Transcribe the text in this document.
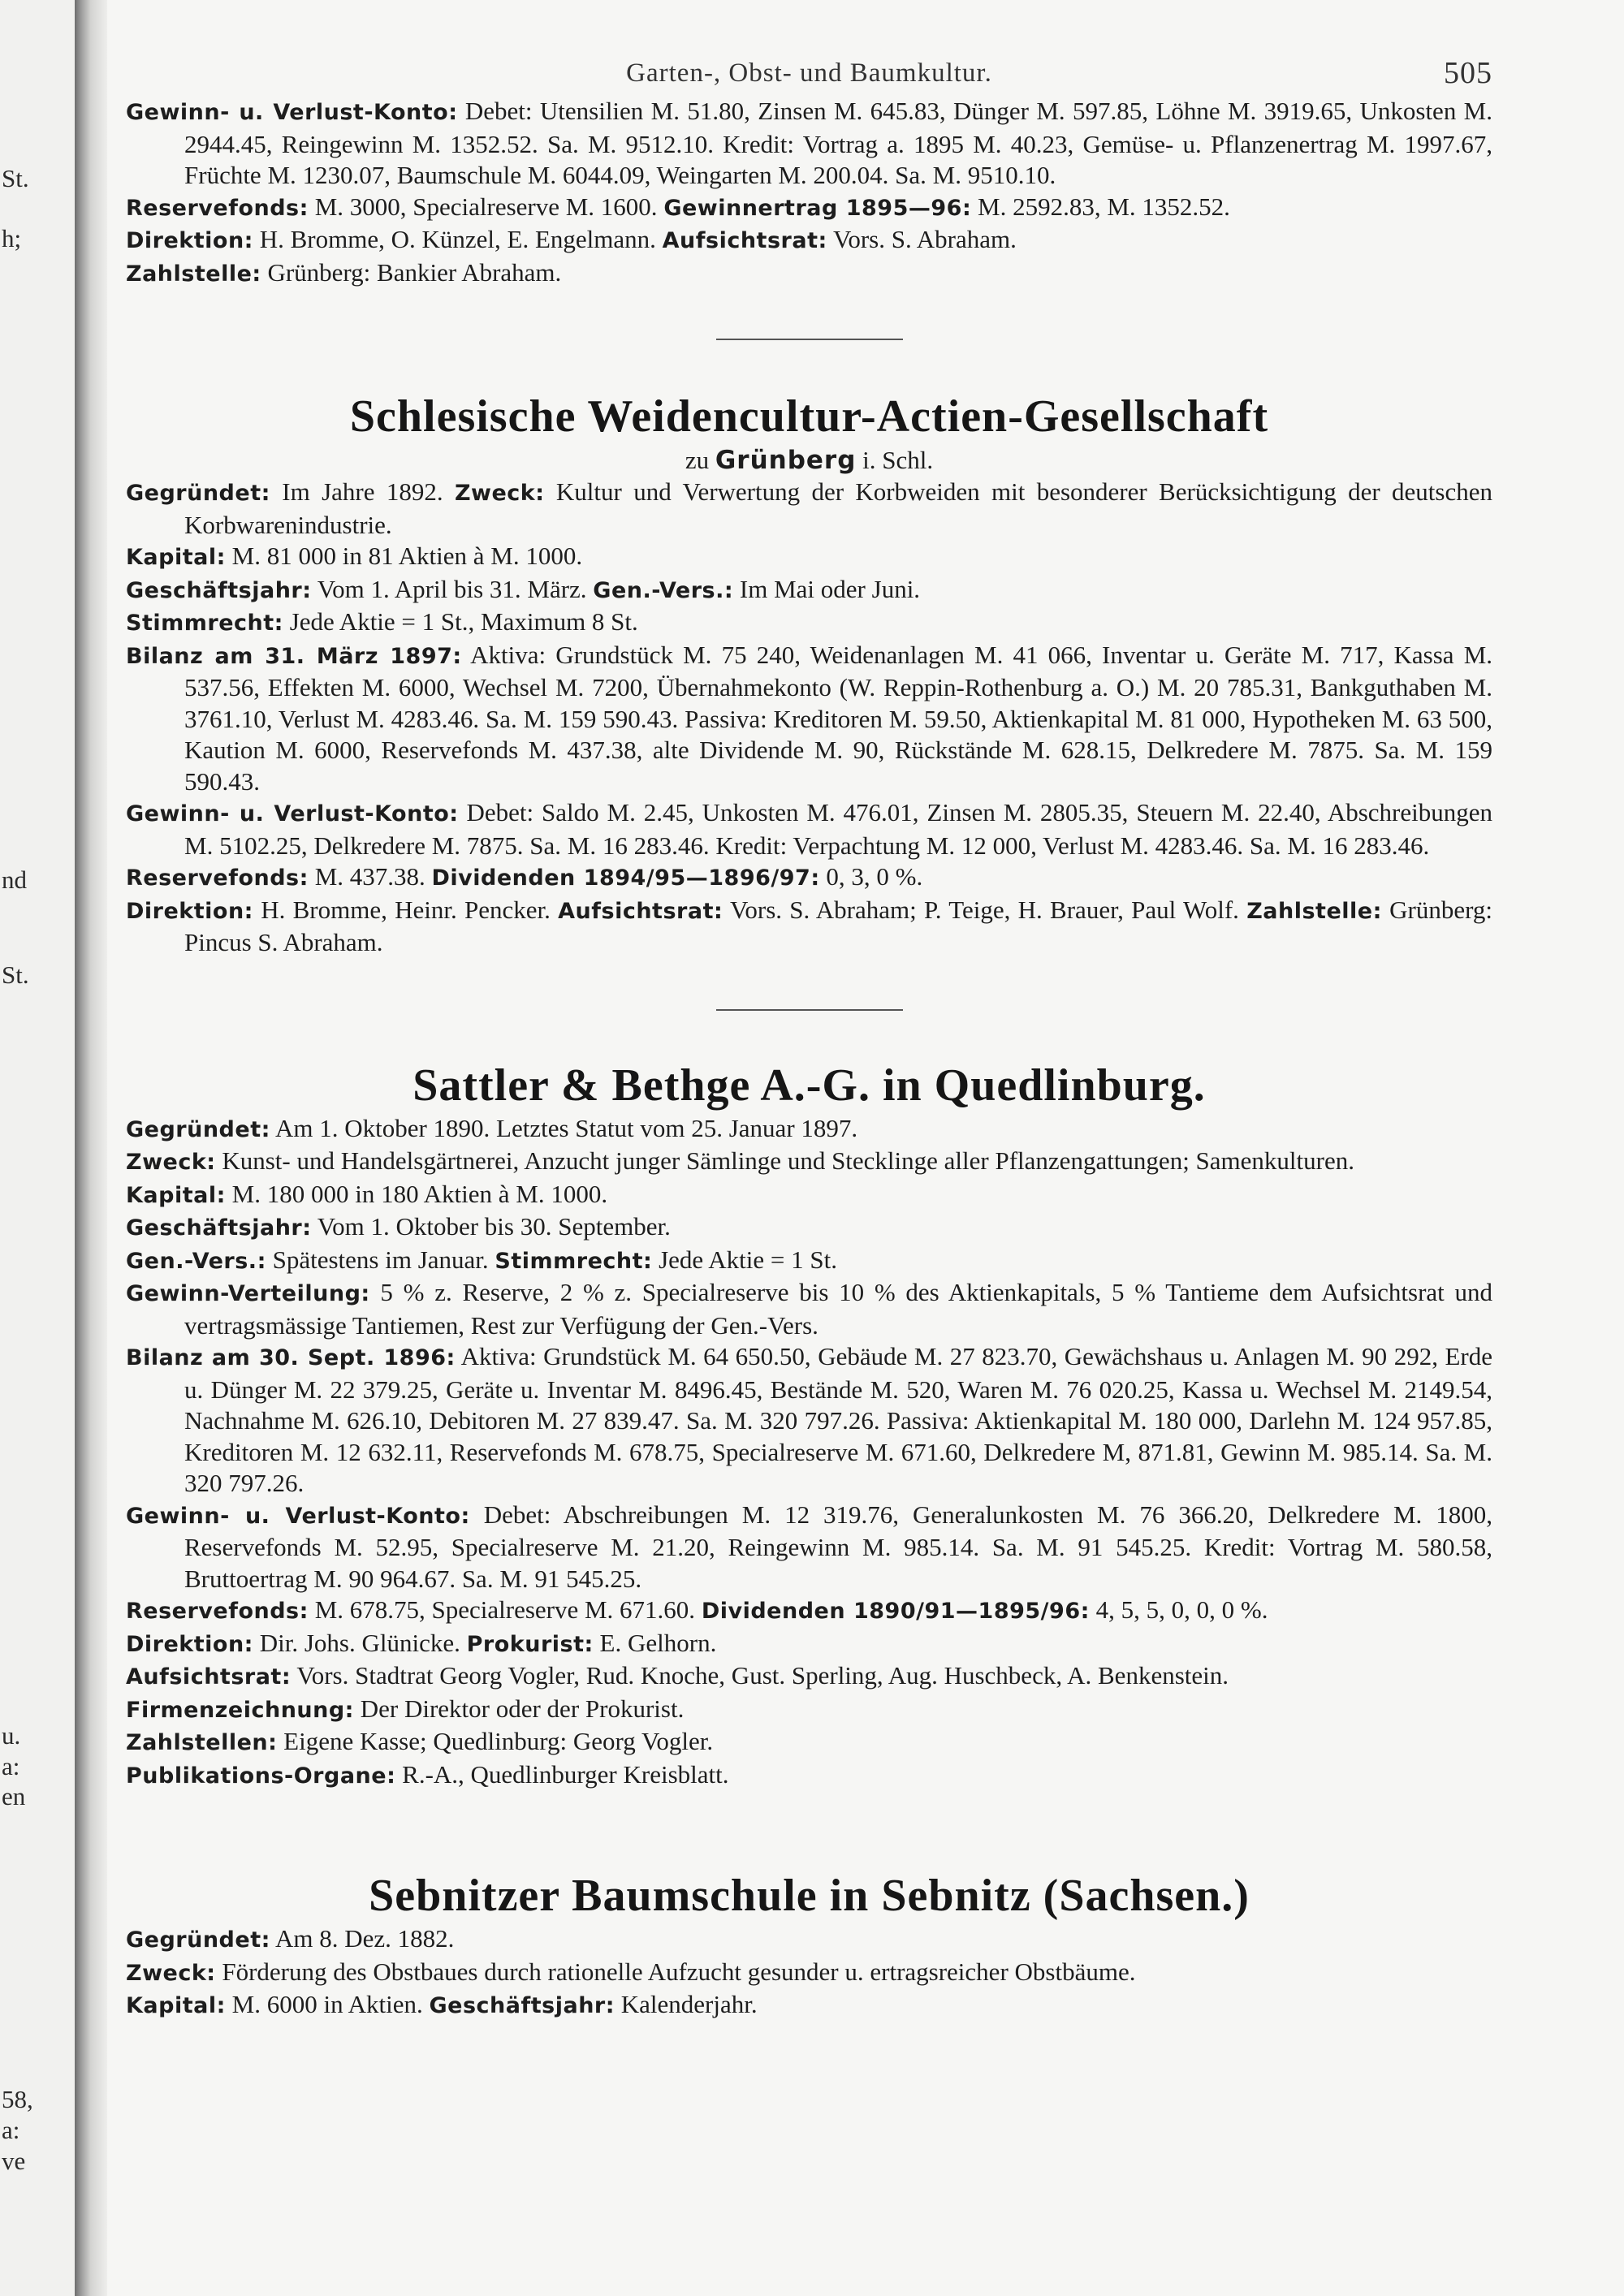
St.
h;
nd
St.
u.
a:
en
58,
a:
ve
Garten-, Obst- und Baumkultur.	505

Gewinn- u. Verlust-Konto: Debet: Utensilien M. 51.80, Zinsen M. 645.83, Dünger M. 597.85, Löhne M. 3919.65, Unkosten M. 2944.45, Reingewinn M. 1352.52. Sa. M. 9512.10. Kredit: Vortrag a. 1895 M. 40.23, Gemüse- u. Pflanzenertrag M. 1997.67, Früchte M. 1230.07, Baumschule M. 6044.09, Weingarten M. 200.04. Sa. M. 9510.10.

Reservefonds: M. 3000, Specialreserve M. 1600. Gewinnertrag 1895—96: M. 2592.83, M. 1352.52.

Direktion: H. Bromme, O. Künzel, E. Engelmann. Aufsichtsrat: Vors. S. Abraham.

Zahlstelle: Grünberg: Bankier Abraham.

Schlesische Weidencultur-Actien-Gesellschaft

zu Grünberg i. Schl.

Gegründet: Im Jahre 1892. Zweck: Kultur und Verwertung der Korbweiden mit besonderer Berücksichtigung der deutschen Korbwarenindustrie.

Kapital: M. 81 000 in 81 Aktien à M. 1000.

Geschäftsjahr: Vom 1. April bis 31. März. Gen.-Vers.: Im Mai oder Juni.

Stimmrecht: Jede Aktie = 1 St., Maximum 8 St.

Bilanz am 31. März 1897: Aktiva: Grundstück M. 75 240, Weidenanlagen M. 41 066, Inventar u. Geräte M. 717, Kassa M. 537.56, Effekten M. 6000, Wechsel M. 7200, Übernahmekonto (W. Reppin-Rothenburg a. O.) M. 20 785.31, Bankguthaben M. 3761.10, Verlust M. 4283.46. Sa. M. 159 590.43. Passiva: Kreditoren M. 59.50, Aktienkapital M. 81 000, Hypotheken M. 63 500, Kaution M. 6000, Reservefonds M. 437.38, alte Dividende M. 90, Rückstände M. 628.15, Delkredere M. 7875. Sa. M. 159 590.43.

Gewinn- u. Verlust-Konto: Debet: Saldo M. 2.45, Unkosten M. 476.01, Zinsen M. 2805.35, Steuern M. 22.40, Abschreibungen M. 5102.25, Delkredere M. 7875. Sa. M. 16 283.46. Kredit: Verpachtung M. 12 000, Verlust M. 4283.46. Sa. M. 16 283.46.

Reservefonds: M. 437.38. Dividenden 1894/95—1896/97: 0, 3, 0 %.

Direktion: H. Bromme, Heinr. Pencker. Aufsichtsrat: Vors. S. Abraham; P. Teige, H. Brauer, Paul Wolf. Zahlstelle: Grünberg: Pincus S. Abraham.

Sattler & Bethge A.-G. in Quedlinburg.

Gegründet: Am 1. Oktober 1890. Letztes Statut vom 25. Januar 1897.

Zweck: Kunst- und Handelsgärtnerei, Anzucht junger Sämlinge und Stecklinge aller Pflanzengattungen; Samenkulturen.

Kapital: M. 180 000 in 180 Aktien à M. 1000.

Geschäftsjahr: Vom 1. Oktober bis 30. September.

Gen.-Vers.: Spätestens im Januar. Stimmrecht: Jede Aktie = 1 St.

Gewinn-Verteilung: 5 % z. Reserve, 2 % z. Specialreserve bis 10 % des Aktienkapitals, 5 % Tantieme dem Aufsichtsrat und vertragsmässige Tantiemen, Rest zur Verfügung der Gen.-Vers.

Bilanz am 30. Sept. 1896: Aktiva: Grundstück M. 64 650.50, Gebäude M. 27 823.70, Gewächshaus u. Anlagen M. 90 292, Erde u. Dünger M. 22 379.25, Geräte u. Inventar M. 8496.45, Bestände M. 520, Waren M. 76 020.25, Kassa u. Wechsel M. 2149.54, Nachnahme M. 626.10, Debitoren M. 27 839.47. Sa. M. 320 797.26. Passiva: Aktienkapital M. 180 000, Darlehn M. 124 957.85, Kreditoren M. 12 632.11, Reservefonds M. 678.75, Specialreserve M. 671.60, Delkredere M, 871.81, Gewinn M. 985.14. Sa. M. 320 797.26.

Gewinn- u. Verlust-Konto: Debet: Abschreibungen M. 12 319.76, Generalunkosten M. 76 366.20, Delkredere M. 1800, Reservefonds M. 52.95, Specialreserve M. 21.20, Reingewinn M. 985.14. Sa. M. 91 545.25. Kredit: Vortrag M. 580.58, Bruttoertrag M. 90 964.67. Sa. M. 91 545.25.

Reservefonds: M. 678.75, Specialreserve M. 671.60. Dividenden 1890/91—1895/96: 4, 5, 5, 0, 0, 0 %.

Direktion: Dir. Johs. Glünicke. Prokurist: E. Gelhorn.

Aufsichtsrat: Vors. Stadtrat Georg Vogler, Rud. Knoche, Gust. Sperling, Aug. Huschbeck, A. Benkenstein.

Firmenzeichnung: Der Direktor oder der Prokurist.

Zahlstellen: Eigene Kasse; Quedlinburg: Georg Vogler.

Publikations-Organe: R.-A., Quedlinburger Kreisblatt.

Sebnitzer Baumschule in Sebnitz (Sachsen.)

Gegründet: Am 8. Dez. 1882.

Zweck: Förderung des Obstbaues durch rationelle Aufzucht gesunder u. ertragsreicher Obstbäume.

Kapital: M. 6000 in Aktien. Geschäftsjahr: Kalenderjahr.
